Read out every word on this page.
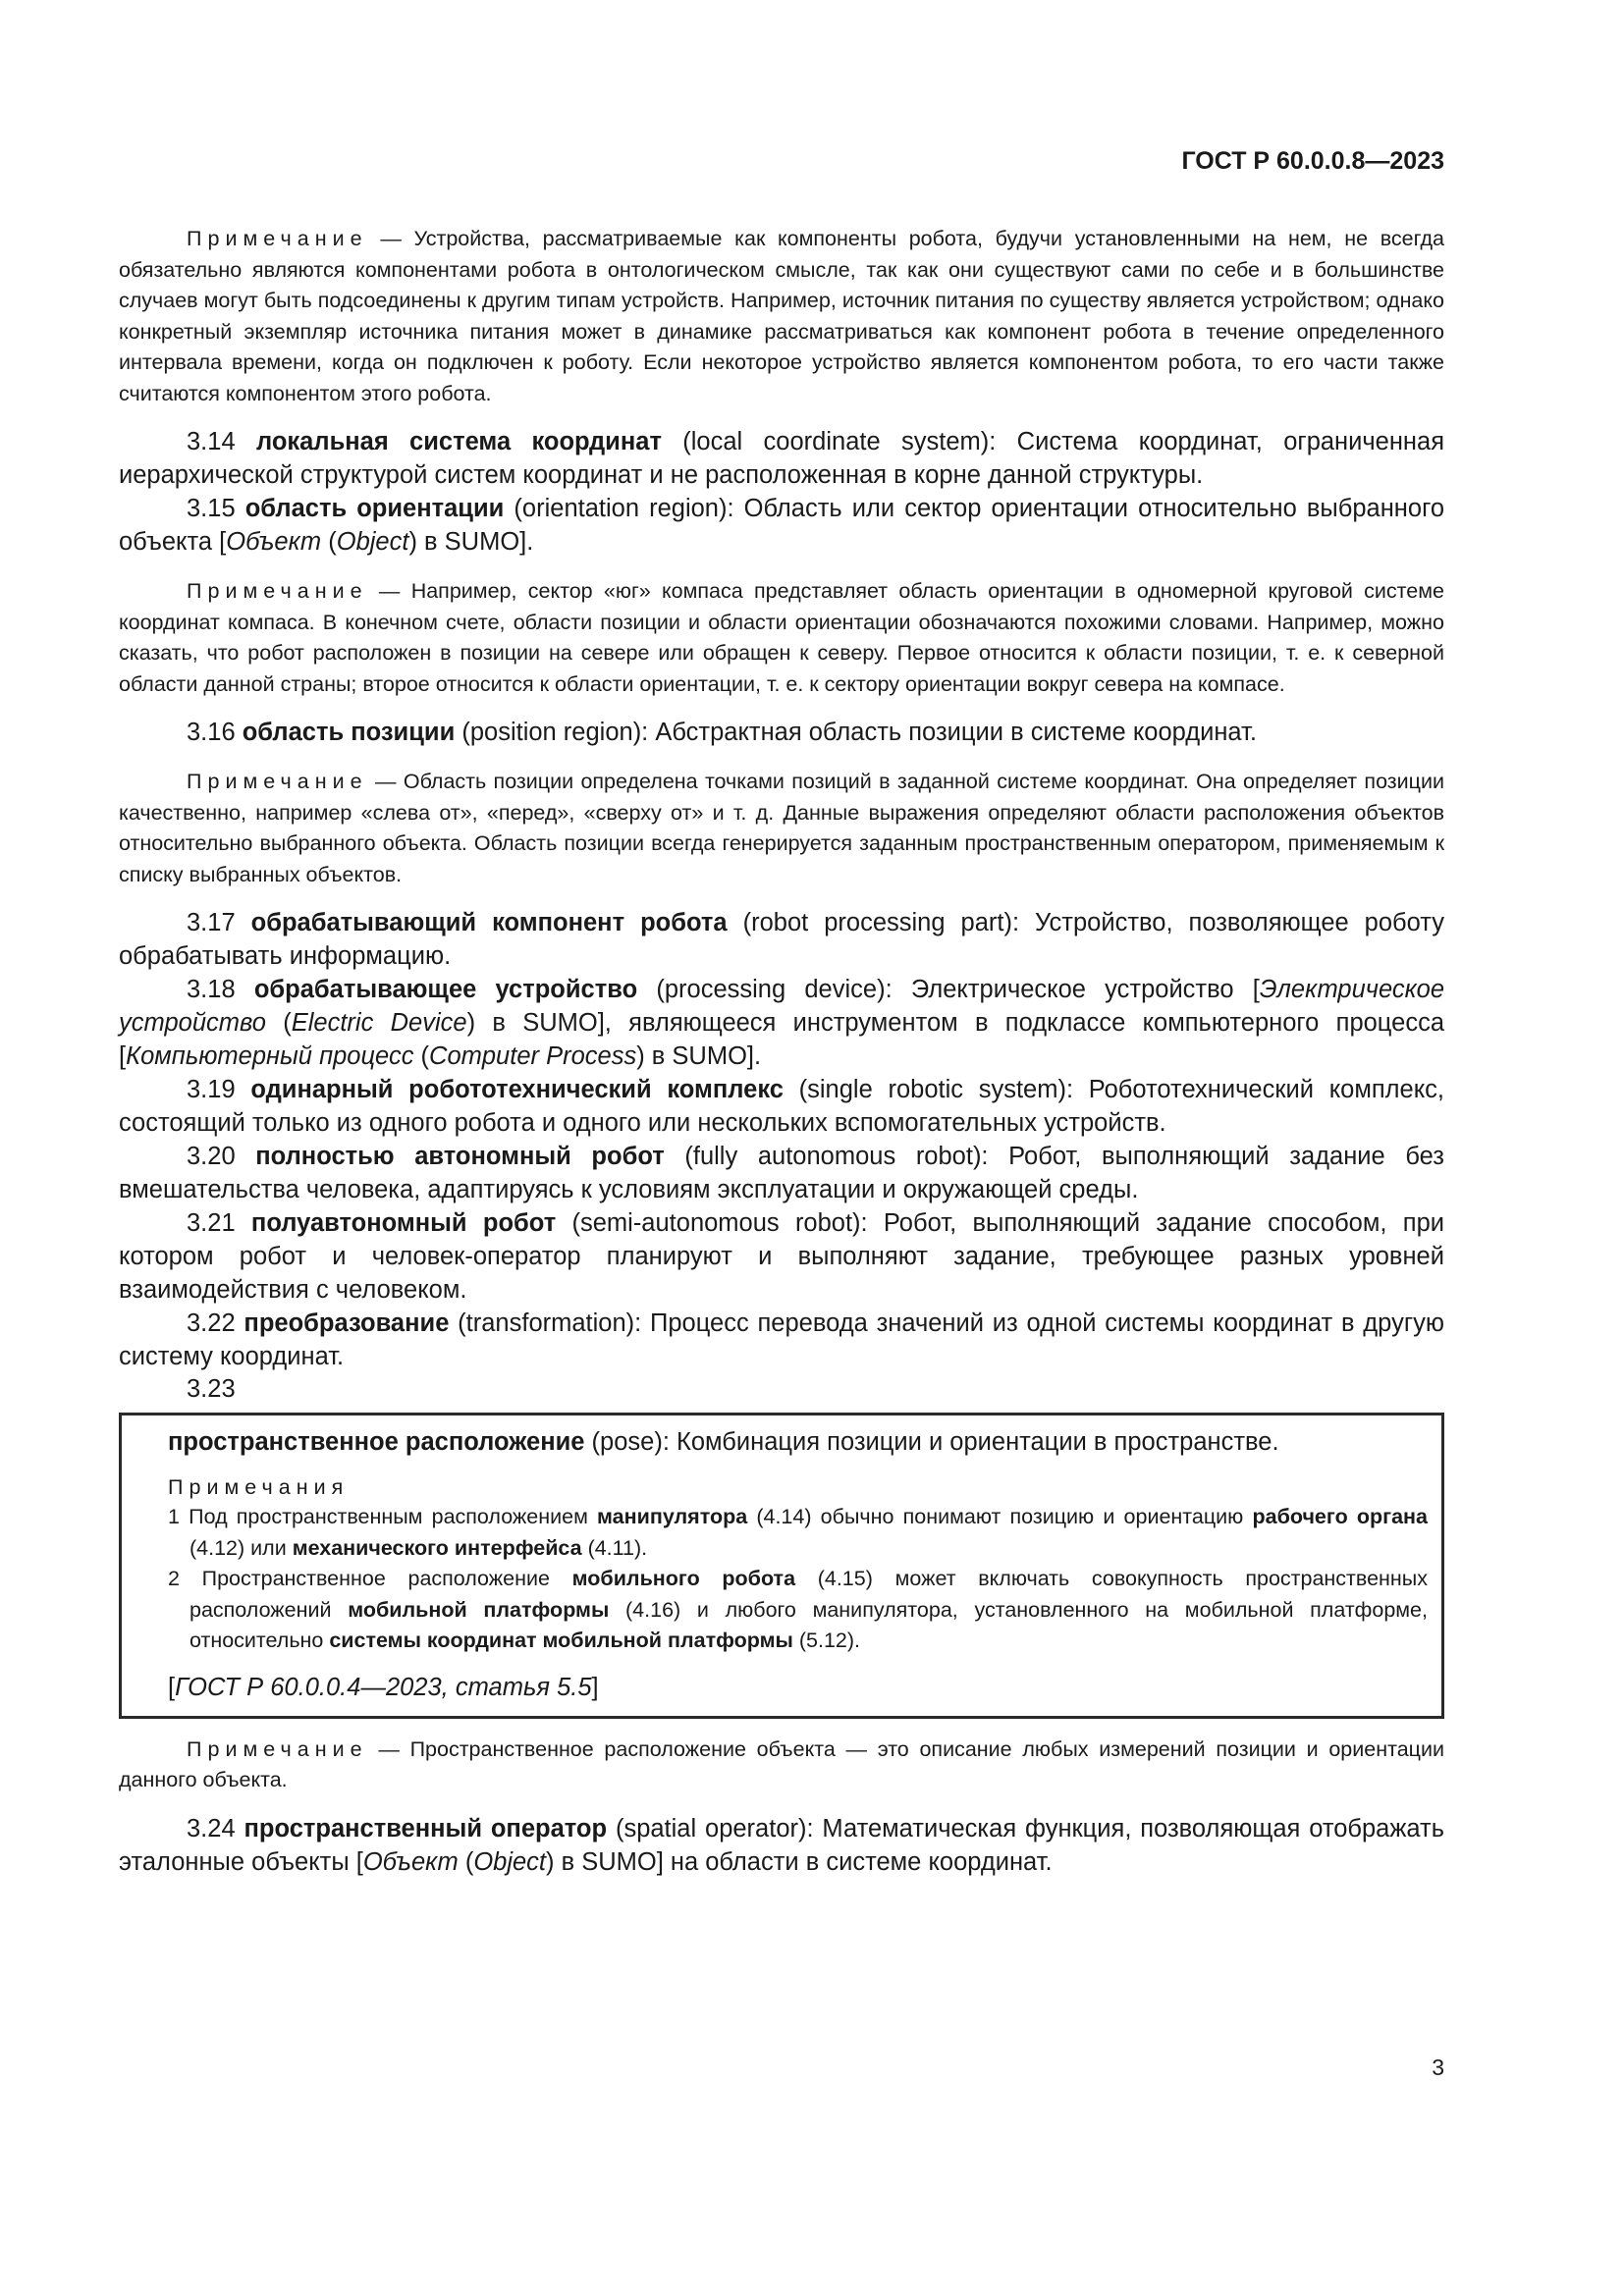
ГОСТ Р 60.0.0.8—2023

Примечание — Устройства, рассматриваемые как компоненты робота, будучи установленными на нем, не всегда обязательно являются компонентами робота в онтологическом смысле, так как они существуют сами по себе и в большинстве случаев могут быть подсоединены к другим типам устройств. Например, источник питания по существу является устройством; однако конкретный экземпляр источника питания может в динамике рассматриваться как компонент робота в течение определенного интервала времени, когда он подключен к роботу. Если некоторое устройство является компонентом робота, то его части также считаются компонентом этого робота.

3.14 локальная система координат (local coordinate system): Система координат, ограниченная иерархической структурой систем координат и не расположенная в корне данной структуры.

3.15 область ориентации (orientation region): Область или сектор ориентации относительно выбранного объекта [Объект (Object) в SUMO].

Примечание — Например, сектор «юг» компаса представляет область ориентации в одномерной круговой системе координат компаса. В конечном счете, области позиции и области ориентации обозначаются похожими словами. Например, можно сказать, что робот расположен в позиции на севере или обращен к северу. Первое относится к области позиции, т. е. к северной области данной страны; второе относится к области ориентации, т. е. к сектору ориентации вокруг севера на компасе.

3.16 область позиции (position region): Абстрактная область позиции в системе координат.

Примечание — Область позиции определена точками позиций в заданной системе координат. Она определяет позиции качественно, например «слева от», «перед», «сверху от» и т. д. Данные выражения определяют области расположения объектов относительно выбранного объекта. Область позиции всегда генерируется заданным пространственным оператором, применяемым к списку выбранных объектов.

3.17 обрабатывающий компонент робота (robot processing part): Устройство, позволяющее роботу обрабатывать информацию.

3.18 обрабатывающее устройство (processing device): Электрическое устройство [Электрическое устройство (Electric Device) в SUMO], являющееся инструментом в подклассе компьютерного процесса [Компьютерный процесс (Computer Process) в SUMO].

3.19 одинарный робототехнический комплекс (single robotic system): Робототехнический комплекс, состоящий только из одного робота и одного или нескольких вспомогательных устройств.

3.20 полностью автономный робот (fully autonomous robot): Робот, выполняющий задание без вмешательства человека, адаптируясь к условиям эксплуатации и окружающей среды.

3.21 полуавтономный робот (semi-autonomous robot): Робот, выполняющий задание способом, при котором робот и человек-оператор планируют и выполняют задание, требующее разных уровней взаимодействия с человеком.

3.22 преобразование (transformation): Процесс перевода значений из одной системы координат в другую систему координат.

3.23

пространственное расположение (pose): Комбинация позиции и ориентации в пространстве.

Примечания

1 Под пространственным расположением манипулятора (4.14) обычно понимают позицию и ориентацию рабочего органа (4.12) или механического интерфейса (4.11).

2 Пространственное расположение мобильного робота (4.15) может включать совокупность пространственных расположений мобильной платформы (4.16) и любого манипулятора, установленного на мобильной платформе, относительно системы координат мобильной платформы (5.12).

[ГОСТ Р 60.0.0.4—2023, статья 5.5]

Примечание — Пространственное расположение объекта — это описание любых измерений позиции и ориентации данного объекта.

3.24 пространственный оператор (spatial operator): Математическая функция, позволяющая отображать эталонные объекты [Объект (Object) в SUMO] на области в системе координат.

3
